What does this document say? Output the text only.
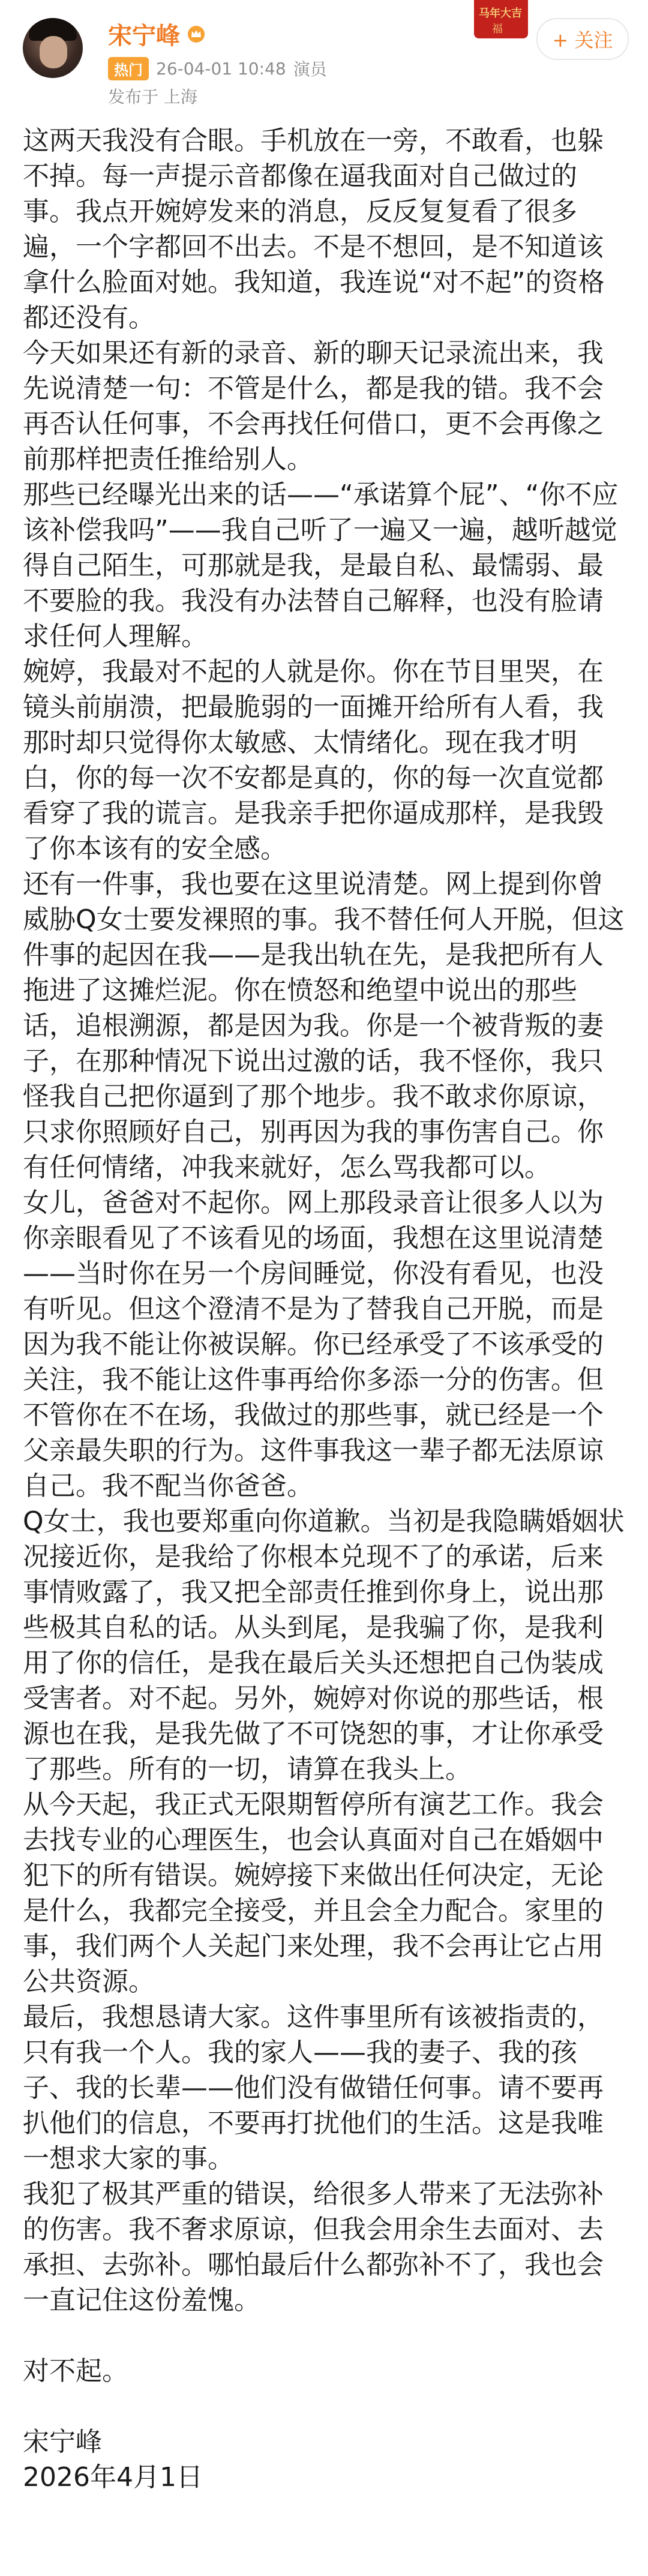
宋宁峰
热门 26-04-01 10:48 演员
发布于 上海
马年大吉
福	+ 关注

这两天我没有合眼。手机放在一旁，不敢看，也躲不掉。每一声提示音都像在逼我面对自己做过的事。我点开婉婷发来的消息，反反复复看了很多遍，一个字都回不出去。不是不想回，是不知道该拿什么脸面对她。我知道，我连说“对不起”的资格都还没有。

今天如果还有新的录音、新的聊天记录流出来，我先说清楚一句：不管是什么，都是我的错。我不会再否认任何事，不会再找任何借口，更不会再像之前那样把责任推给别人。

那些已经曝光出来的话——“承诺算个屁”、“你不应该补偿我吗”——我自己听了一遍又一遍，越听越觉得自己陌生，可那就是我，是最自私、最懦弱、最不要脸的我。我没有办法替自己解释，也没有脸请求任何人理解。

婉婷，我最对不起的人就是你。你在节目里哭，在镜头前崩溃，把最脆弱的一面摊开给所有人看，我那时却只觉得你太敏感、太情绪化。现在我才明白，你的每一次不安都是真的，你的每一次直觉都看穿了我的谎言。是我亲手把你逼成那样，是我毁了你本该有的安全感。

还有一件事，我也要在这里说清楚。网上提到你曾威胁Q女士要发裸照的事。我不替任何人开脱，但这件事的起因在我——是我出轨在先，是我把所有人拖进了这摊烂泥。你在愤怒和绝望中说出的那些话，追根溯源，都是因为我。你是一个被背叛的妻子，在那种情况下说出过激的话，我不怪你，我只怪我自己把你逼到了那个地步。我不敢求你原谅，只求你照顾好自己，别再因为我的事伤害自己。你有任何情绪，冲我来就好，怎么骂我都可以。

女儿，爸爸对不起你。网上那段录音让很多人以为你亲眼看见了不该看见的场面，我想在这里说清楚——当时你在另一个房间睡觉，你没有看见，也没有听见。但这个澄清不是为了替我自己开脱，而是因为我不能让你被误解。你已经承受了不该承受的关注，我不能让这件事再给你多添一分的伤害。但不管你在不在场，我做过的那些事，就已经是一个父亲最失职的行为。这件事我这一辈子都无法原谅自己。我不配当你爸爸。

Q女士，我也要郑重向你道歉。当初是我隐瞒婚姻状况接近你，是我给了你根本兑现不了的承诺，后来事情败露了，我又把全部责任推到你身上，说出那些极其自私的话。从头到尾，是我骗了你，是我利用了你的信任，是我在最后关头还想把自己伪装成受害者。对不起。另外，婉婷对你说的那些话，根源也在我，是我先做了不可饶恕的事，才让你承受了那些。所有的一切，请算在我头上。

从今天起，我正式无限期暂停所有演艺工作。我会去找专业的心理医生，也会认真面对自己在婚姻中犯下的所有错误。婉婷接下来做出任何决定，无论是什么，我都完全接受，并且会全力配合。家里的事，我们两个人关起门来处理，我不会再让它占用公共资源。

最后，我想恳请大家。这件事里所有该被指责的，只有我一个人。我的家人——我的妻子、我的孩子、我的长辈——他们没有做错任何事。请不要再扒他们的信息，不要再打扰他们的生活。这是我唯一想求大家的事。

我犯了极其严重的错误，给很多人带来了无法弥补的伤害。我不奢求原谅，但我会用余生去面对、去承担、去弥补。哪怕最后什么都弥补不了，我也会一直记住这份羞愧。

对不起。

宋宁峰

2026年4月1日
